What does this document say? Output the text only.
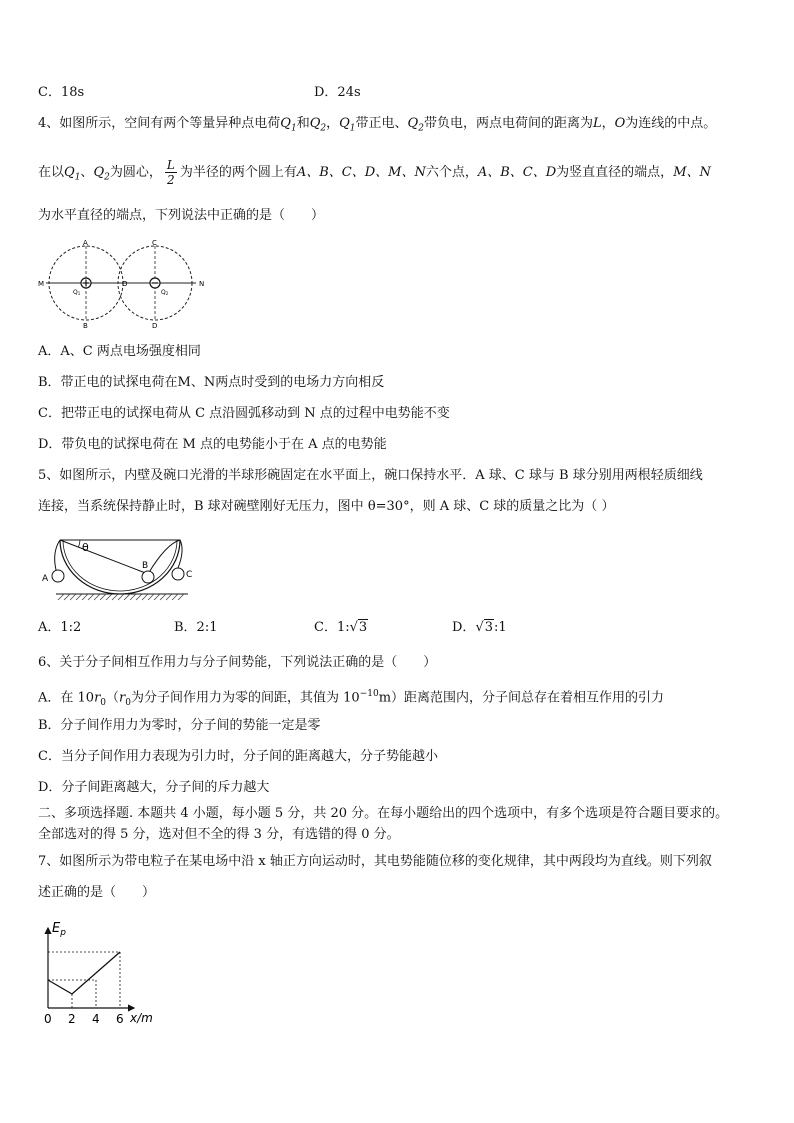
C．18s	D．24s
4、如图所示，空间有两个等量异种点电荷$Q_1$和$Q_2$，$Q_1$带正电、$Q_2$带负电，两点电荷间的距离为L，O为连线的中点。
在以$Q_1$、$Q_2$为圆心， $\frac{L}{2}$ 为半径的两个圆上有A、B、C、D、M、N六个点，A、B、C、D为竖直直径的端点，M、N
为水平直径的端点，下列说法中正确的是（　　）
A
B
C
D
M	N
O
Q1	Q2
A．A、C 两点电场强度相同
B．带正电的试探电荷在M、N两点时受到的电场力方向相反
C．把带正电的试探电荷从 C 点沿圆弧移动到 N 点的过程中电势能不变
D．带负电的试探电荷在 M 点的电势能小于在 A 点的电势能
5、如图所示，内壁及碗口光滑的半球形碗固定在水平面上，碗口保持水平．A 球、C 球与 B 球分别用两根轻质细线
连接，当系统保持静止时，B 球对碗壁刚好无压力，图中 θ=30°，则 A 球、C 球的质量之比为（ ）
θ
A
B
C
A．1:2	B．2:1	C．1:√3	D．√3:1
6、关于分子间相互作用力与分子间势能，下列说法正确的是（　　）
A．在 $10r_0(r_0$为分子间作用力为零的间距，其值为 $10^{-10}m$）距离范围内，分子间总存在着相互作用的引力
B．分子间作用力为零时，分子间的势能一定是零
C．当分子间作用力表现为引力时，分子间的距离越大，分子势能越小
D．分子间距离越大，分子间的斥力越大
二、多项选择题. 本题共 4 小题，每小题 5 分，共 20 分。在每小题给出的四个选项中，有多个选项是符合题目要求的。
全部选对的得 5 分，选对但不全的得 3 分，有选错的得 0 分。
7、如图所示为带电粒子在某电场中沿 x 轴正方向运动时，其电势能随位移的变化规律，其中两段均为直线。则下列叙
述正确的是（　　）
$E_p$
x/m
0 2 4 6
